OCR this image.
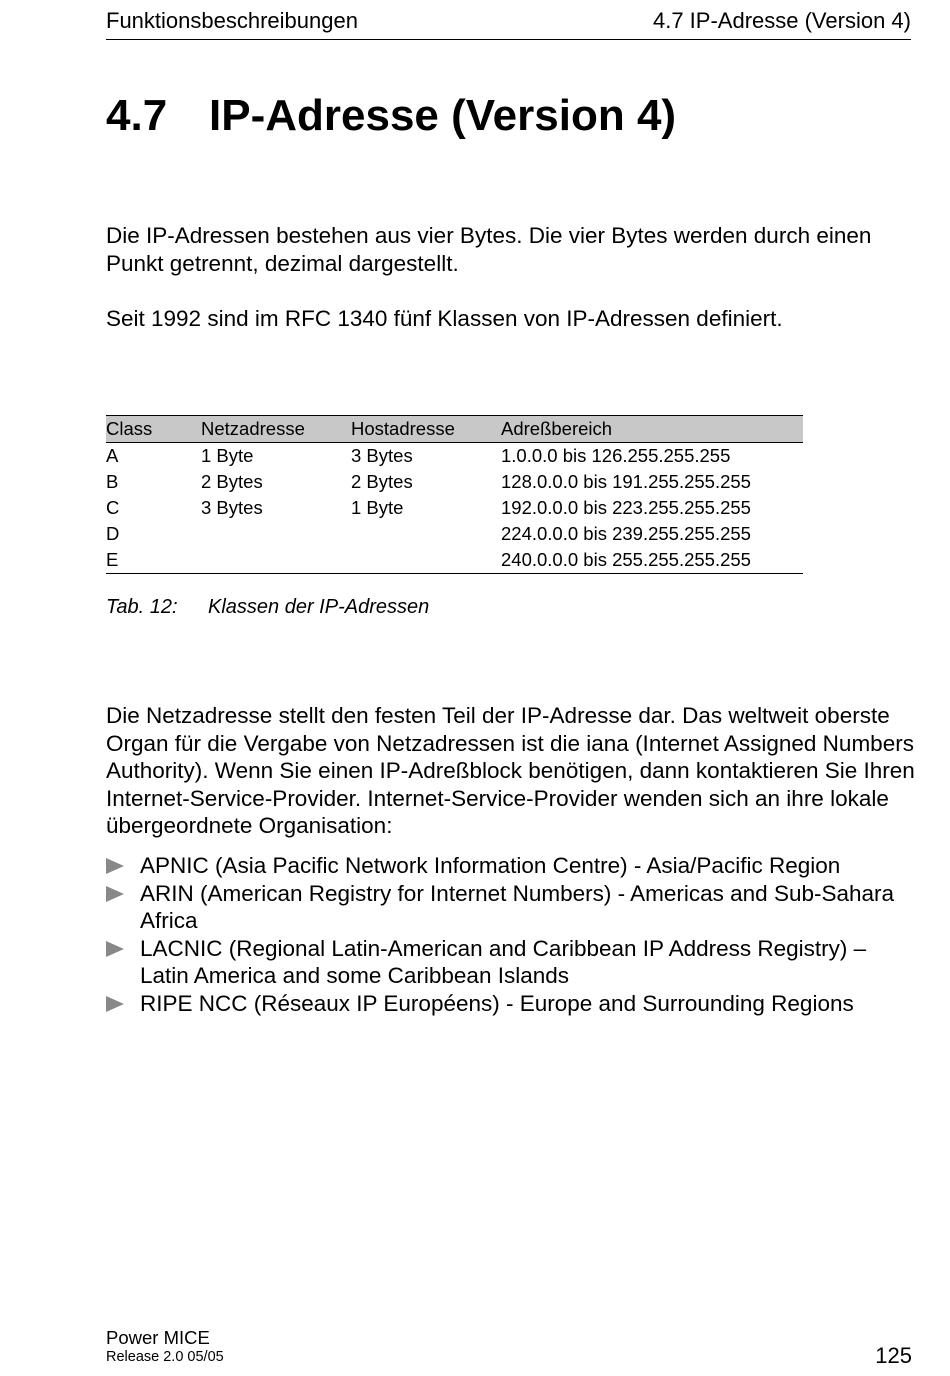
Funktionsbeschreibungen	4.7 IP-Adresse (Version 4)
4.7 IP-Adresse (Version 4)

Die IP-Adressen bestehen aus vier Bytes. Die vier Bytes werden durch einen Punkt getrennt, dezimal dargestellt.

Seit 1992 sind im RFC 1340 fünf Klassen von IP-Adressen definiert.

Class	Netzadresse	Hostadresse	Adreßbereich
A	1 Byte	3 Bytes	1.0.0.0 bis 126.255.255.255
B	2 Bytes	2 Bytes	128.0.0.0 bis 191.255.255.255
C	3 Bytes	1 Byte	192.0.0.0 bis 223.255.255.255
D			224.0.0.0 bis 239.255.255.255
E			240.0.0.0 bis 255.255.255.255
Tab. 12: Klassen der IP-Adressen

Die Netzadresse stellt den festen Teil der IP-Adresse dar. Das weltweit oberste Organ für die Vergabe von Netzadressen ist die iana (Internet Assigned Numbers Authority). Wenn Sie einen IP-Adreßblock benötigen, dann kontaktieren Sie Ihren Internet-Service-Provider. Internet-Service-Provider wenden sich an ihre lokale übergeordnete Organisation:

APNIC (Asia Pacific Network Information Centre) - Asia/Pacific Region
ARIN (American Registry for Internet Numbers) - Americas and Sub-Sahara Africa
LACNIC (Regional Latin-American and Caribbean IP Address Registry) – Latin America and some Caribbean Islands
RIPE NCC (Réseaux IP Européens) - Europe and Surrounding Regions
Power MICE
Release 2.0 05/05	125
